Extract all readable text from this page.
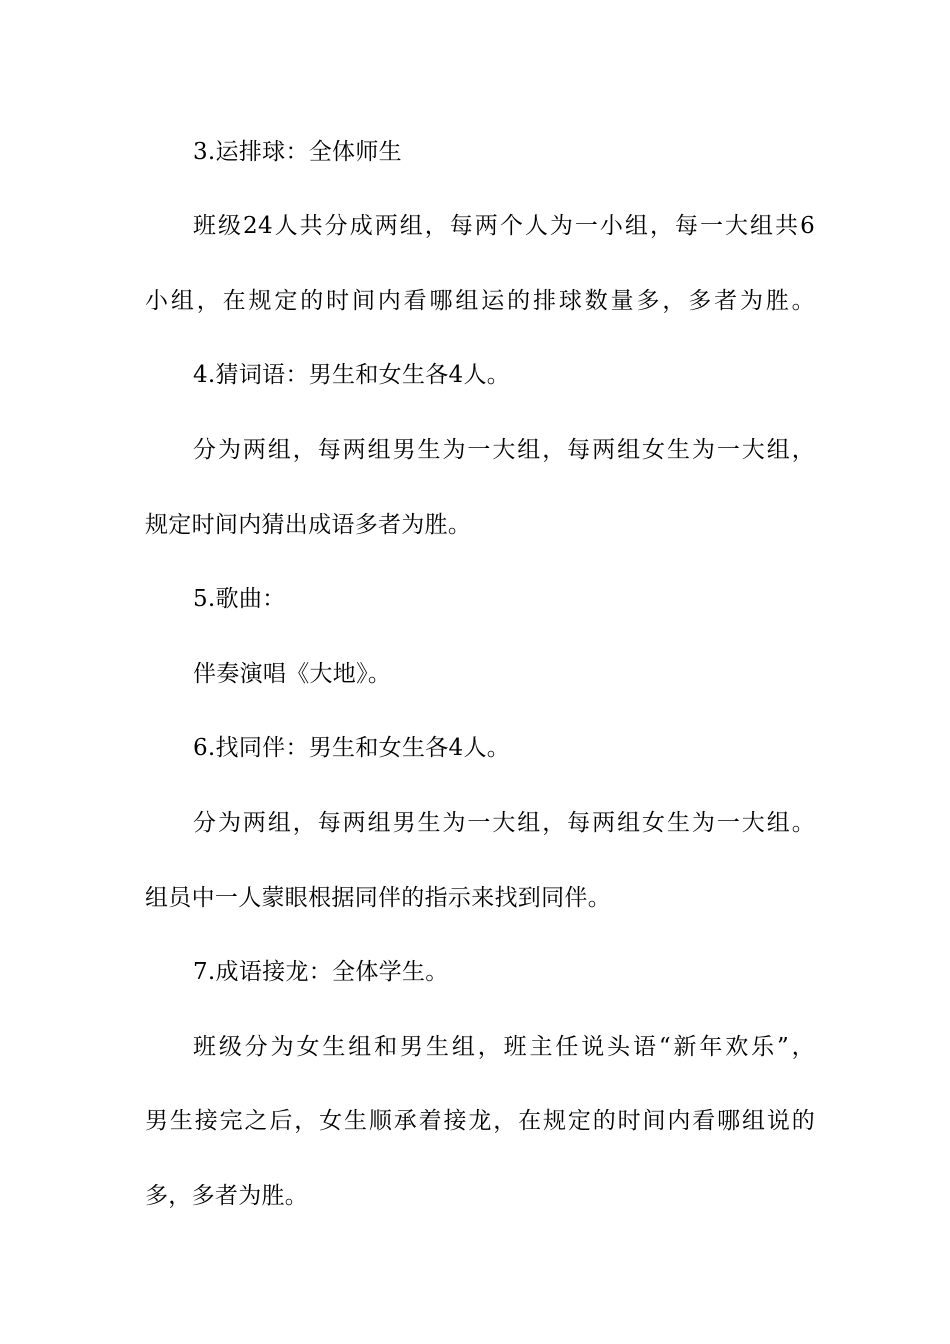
3.运排球：全体师生
班级24人共分成两组，每两个人为一小组，每一大组共6
小组，在规定的时间内看哪组运的排球数量多，多者为胜。
4.猜词语：男生和女生各4人。
分为两组，每两组男生为一大组，每两组女生为一大组，
规定时间内猜出成语多者为胜。
5.歌曲：
伴奏演唱《大地》。
6.找同伴：男生和女生各4人。
分为两组，每两组男生为一大组，每两组女生为一大组。
组员中一人蒙眼根据同伴的指示来找到同伴。
7.成语接龙：全体学生。
班级分为女生组和男生组，班主任说头语“新年欢乐”，
男生接完之后，女生顺承着接龙，在规定的时间内看哪组说的
多，多者为胜。
